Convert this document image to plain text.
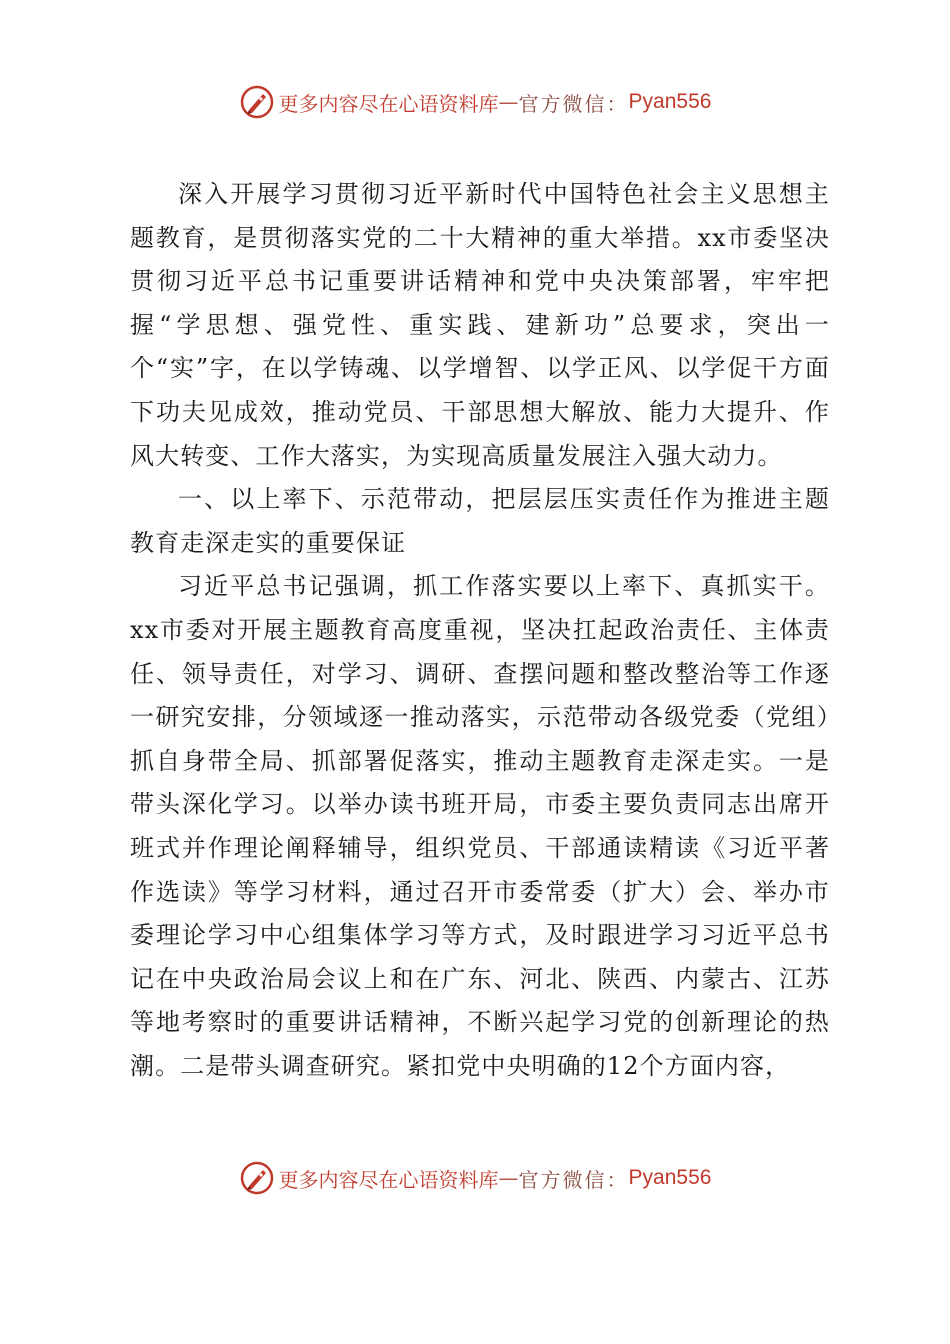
更多内容尽在心语资料库 — 官方微信： Pyan556

深入开展学习贯彻习近平新时代中国特色社会主义思想主题教育，是贯彻落实党的二十大精神的重大举措。xx市委坚决贯彻习近平总书记重要讲话精神和党中央决策部署，牢牢把握“学思想、强党性、重实践、建新功”总要求，突出一个“实”字，在以学铸魂、以学增智、以学正风、以学促干方面下功夫见成效，推动党员、干部思想大解放、能力大提升、作风大转变、工作大落实，为实现高质量发展注入强大动力。

一、以上率下、示范带动，把层层压实责任作为推进主题教育走深走实的重要保证

习近平总书记强调，抓工作落实要以上率下、真抓实干。xx市委对开展主题教育高度重视，坚决扛起政治责任、主体责任、领导责任，对学习、调研、查摆问题和整改整治等工作逐一研究安排，分领域逐一推动落实，示范带动各级党委（党组）抓自身带全局、抓部署促落实，推动主题教育走深走实。一是带头深化学习。以举办读书班开局，市委主要负责同志出席开班式并作理论阐释辅导，组织党员、干部通读精读《习近平著作选读》等学习材料，通过召开市委常委（扩大）会、举办市委理论学习中心组集体学习等方式，及时跟进学习习近平总书记在中央政治局会议上和在广东、河北、陕西、内蒙古、江苏等地考察时的重要讲话精神，不断兴起学习党的创新理论的热潮。二是带头调查研究。紧扣党中央明确的12个方面内容，

更多内容尽在心语资料库 — 官方微信： Pyan556
